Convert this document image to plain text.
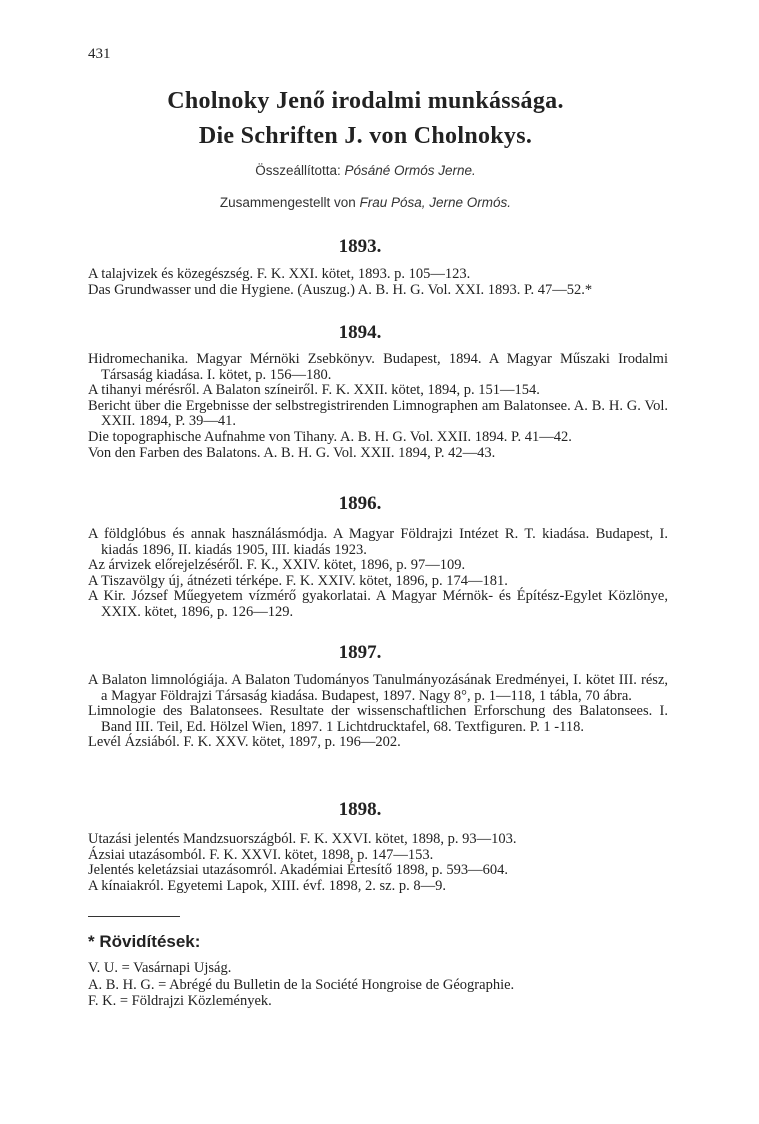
431
Cholnoky Jenő irodalmi munkássága.
Die Schriften J. von Cholnokys.
Összeállította: Pósáné Ormós Jerne.
Zusammengestellt von Frau Pósa, Jerne Ormós.
1893.
A talajvizek és közegészség. F. K. XXI. kötet, 1893. p. 105—123.
Das Grundwasser und die Hygiene. (Auszug.) A. B. H. G. Vol. XXI. 1893. P. 47—52.*
1894.
Hidromechanika. Magyar Mérnöki Zsebkönyv. Budapest, 1894. A Magyar Műszaki Irodalmi Társaság kiadása. I. kötet, p. 156—180.
A tihanyi mérésről. A Balaton színeiről. F. K. XXII. kötet, 1894, p. 151—154.
Bericht über die Ergebnisse der selbstregistrirenden Limnographen am Balatonsee. A. B. H. G. Vol. XXII. 1894, P. 39—41.
Die topographische Aufnahme von Tihany. A. B. H. G. Vol. XXII. 1894. P. 41—42.
Von den Farben des Balatons. A. B. H. G. Vol. XXII. 1894, P. 42—43.
1896.
A földglóbus és annak használásmódja. A Magyar Földrajzi Intézet R. T. kiadása. Budapest, I. kiadás 1896, II. kiadás 1905, III. kiadás 1923.
Az árvizek előrejelzéséről. F. K., XXIV. kötet, 1896, p. 97—109.
A Tiszavölgy új, átnézeti térképe. F. K. XXIV. kötet, 1896, p. 174—181.
A Kir. József Műegyetem vízmérő gyakorlatai. A Magyar Mérnök- és Építész-Egylet Közlönye, XXIX. kötet, 1896, p. 126—129.
1897.
A Balaton limnológiája. A Balaton Tudományos Tanulmányozásának Eredményei, I. kötet III. rész, a Magyar Földrajzi Társaság kiadása. Budapest, 1897. Nagy 8°, p. 1—118, 1 tábla, 70 ábra.
Limnologie des Balatonsees. Resultate der wissenschaftlichen Erforschung des Balatonsees. I. Band III. Teil, Ed. Hölzel Wien, 1897. 1 Lichtdrucktafel, 68. Textfiguren. P. 1 -118.
Levél Ázsiából. F. K. XXV. kötet, 1897, p. 196—202.
1898.
Utazási jelentés Mandzsuországból. F. K. XXVI. kötet, 1898, p. 93—103.
Ázsiai utazásomból. F. K. XXVI. kötet, 1898, p. 147—153.
Jelentés keletázsiai utazásomról. Akadémiai Értesítő 1898, p. 593—604.
A kínaiakról. Egyetemi Lapok, XIII. évf. 1898, 2. sz. p. 8—9.
* Rövidítések:
V. U. = Vasárnapi Ujság.
A. B. H. G. = Abrégé du Bulletin de la Société Hongroise de Géographie.
F. K. = Földrajzi Közlemények.
